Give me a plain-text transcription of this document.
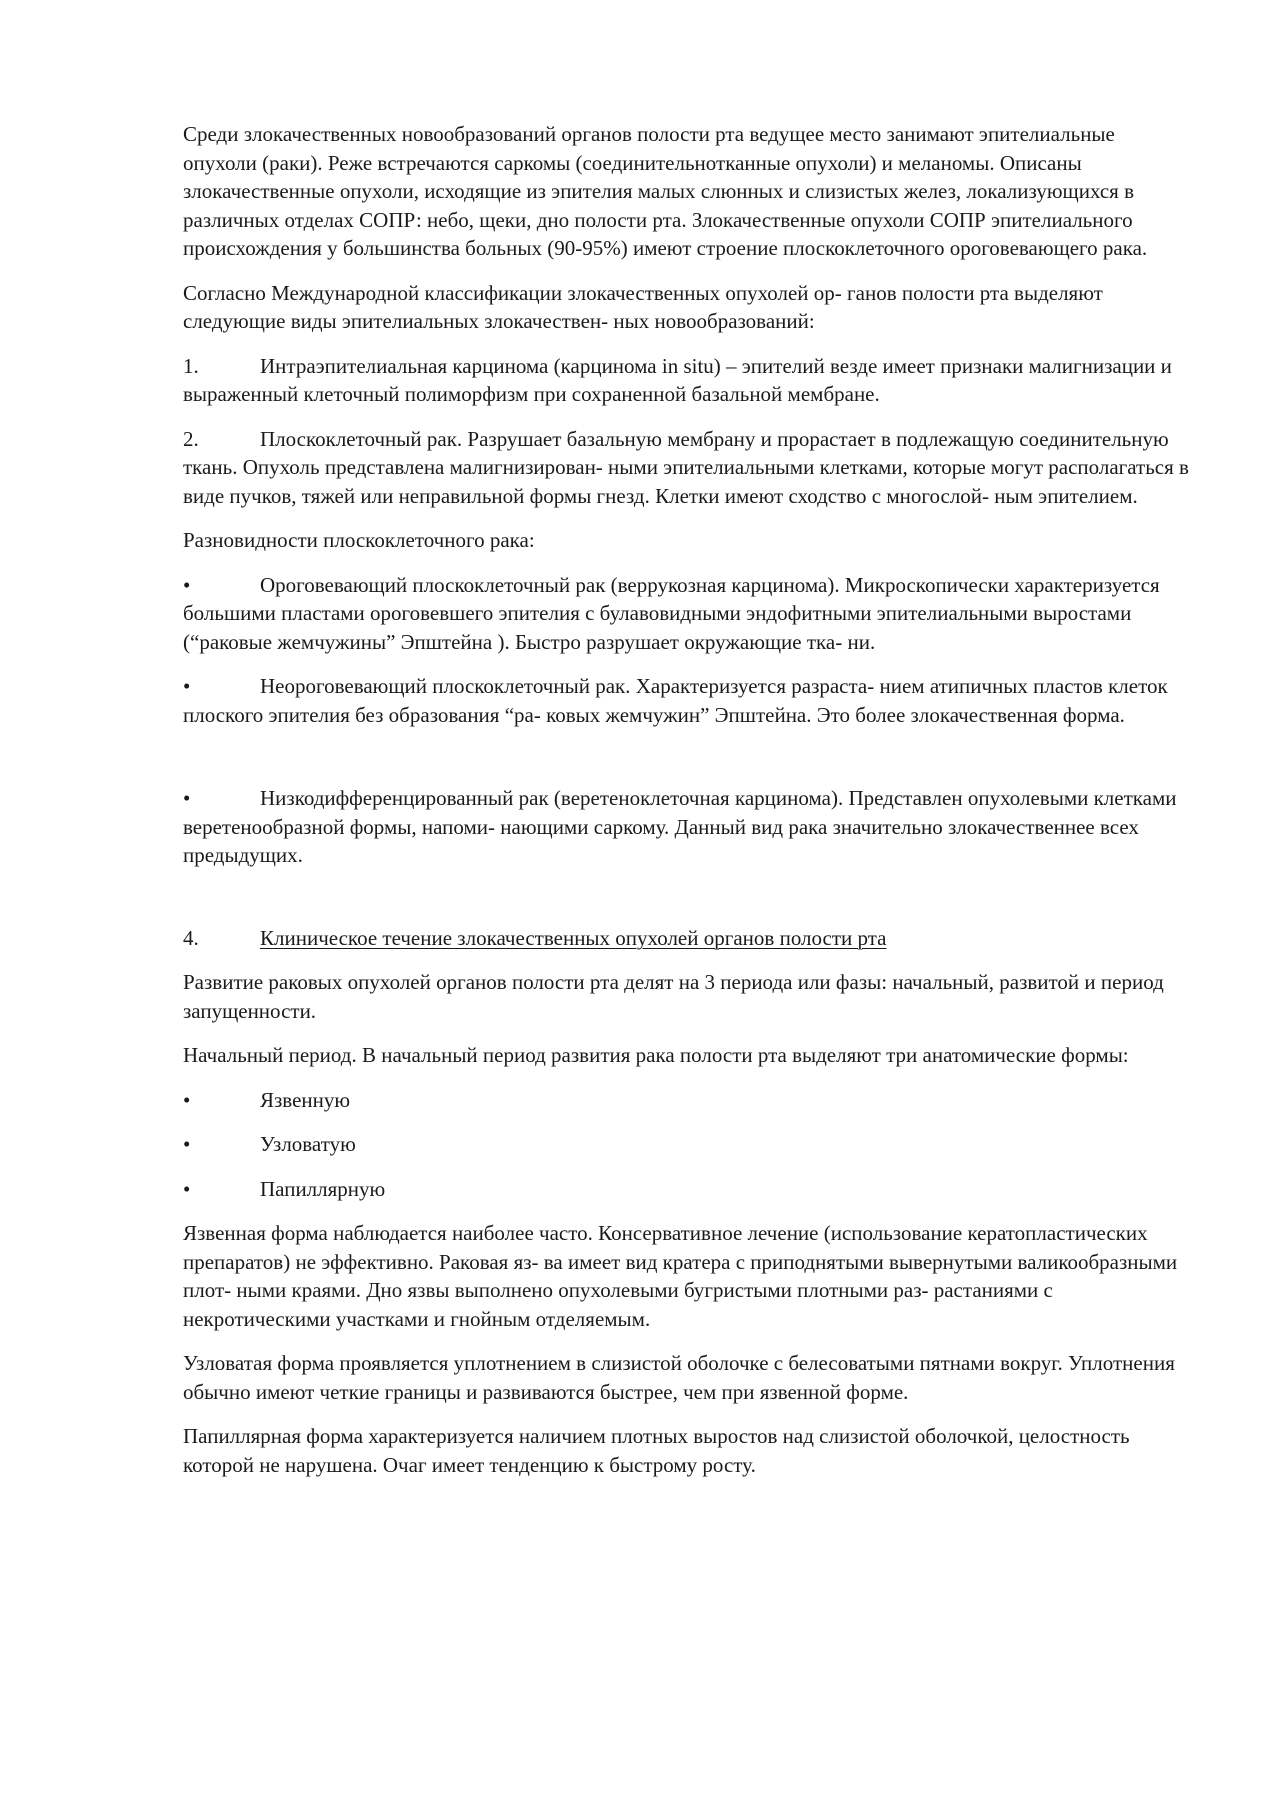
Среди злокачественных новообразований органов полости рта ведущее место занимают эпителиальные опухоли (раки). Реже встречаются саркомы (соединительнотканные опухоли) и меланомы. Описаны злокачественные опухоли, исходящие из эпителия малых слюнных и слизистых желез, локализующихся в различных отделах СОПР: небо, щеки, дно полости рта. Злокачественные опухоли СОПР эпителиального происхождения у большинства больных (90-95%) имеют строение плоскоклеточного ороговевающего рака.

Согласно Международной классификации злокачественных опухолей ор- ганов полости рта выделяют следующие виды эпителиальных злокачествен- ных новообразований:

1.	Интраэпителиальная карцинома (карцинома in situ) – эпителий везде имеет признаки малигнизации и выраженный клеточный полиморфизм при сохраненной базальной мембране.
2.	Плоскоклеточный рак. Разрушает базальную мембрану и прорастает в подлежащую соединительную ткань. Опухоль представлена малигнизирован- ными эпителиальными клетками, которые могут располагаться в виде пучков, тяжей или неправильной формы гнезд. Клетки имеют сходство с многослой- ным эпителием.

Разновидности плоскоклеточного рака:

•	Ороговевающий плоскоклеточный рак (веррукозная карцинома). Микроскопически характеризуется большими пластами ороговевшего эпителия с булавовидными эндофитными эпителиальными выростами (“раковые жемчужины” Эпштейна ). Быстро разрушает окружающие тка- ни.
•	Неороговевающий плоскоклеточный рак. Характеризуется разраста- нием атипичных пластов клеток плоского эпителия без образования “ра- ковых жемчужин” Эпштейна. Это более злокачественная форма.
•	Низкодифференцированный рак (веретеноклеточная карцинома). Представлен опухолевыми клетками веретенообразной формы, напоми- нающими саркому. Данный вид рака значительно злокачественнее всех предыдущих.
4.	Клиническое течение злокачественных опухолей органов полости рта

Развитие раковых опухолей органов полости рта делят на 3 периода или фазы: начальный, развитой и период запущенности.

Начальный период. В начальный период развития рака полости рта выделяют три анатомические формы:

•	Язвенную
•	Узловатую
•	Папиллярную

Язвенная форма наблюдается наиболее часто. Консервативное лечение (использование кератопластических препаратов) не эффективно. Раковая яз- ва имеет вид кратера с приподнятыми вывернутыми валикообразными плот- ными краями. Дно язвы выполнено опухолевыми бугристыми плотными раз- растаниями с некротическими участками и гнойным отделяемым.

Узловатая форма проявляется уплотнением в слизистой оболочке с белесоватыми пятнами вокруг. Уплотнения обычно имеют четкие границы и развиваются быстрее, чем при язвенной форме.

Папиллярная форма характеризуется наличием плотных выростов над слизистой оболочкой, целостность которой не нарушена. Очаг имеет тенденцию к быстрому росту.
